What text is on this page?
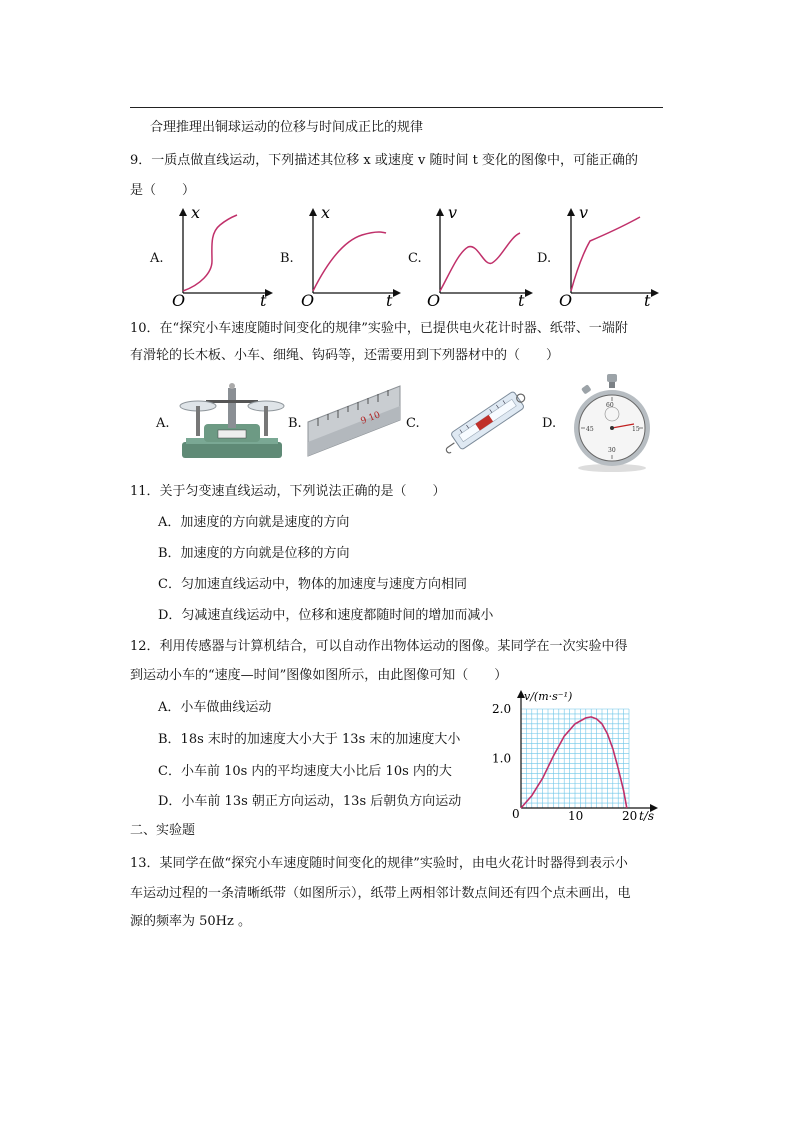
合理推理出铜球运动的位移与时间成正比的规律
9．一质点做直线运动，下列描述其位移 x 或速度 v 随时间 t 变化的图像中，可能正确的
是（　　）
A.
x
O	t
B.
x
O	t
C.
v
O	t
D.
v
O	t
10．在“探究小车速度随时间变化的规律”实验中，已提供电火花计时器、纸带、一端附
有滑轮的长木板、小车、细绳、钩码等，还需要用到下列器材中的（　　）
A.	B.	9 10 C.	D.
60
15
30
45
11．关于匀变速直线运动，下列说法正确的是（　　）
A．加速度的方向就是速度的方向
B．加速度的方向就是位移的方向
C．匀加速直线运动中，物体的加速度与速度方向相同
D．匀减速直线运动中，位移和速度都随时间的增加而减小
12．利用传感器与计算机结合，可以自动作出物体运动的图像。某同学在一次实验中得
到运动小车的“速度—时间”图像如图所示，由此图像可知（　　）
A．小车做曲线运动
B．18s 末时的加速度大小大于 13s 末的加速度大小
C．小车前 10s 内的平均速度大小比后 10s 内的大
D．小车前 13s 朝正方向运动，13s 后朝负方向运动
0	10	20
1.0
2.0
v/(m·s⁻¹)
t/s
二、实验题
13．某同学在做“探究小车速度随时间变化的规律”实验时，由电火花计时器得到表示小
车运动过程的一条清晰纸带（如图所示），纸带上两相邻计数点间还有四个点未画出，电
源的频率为 50Hz 。
